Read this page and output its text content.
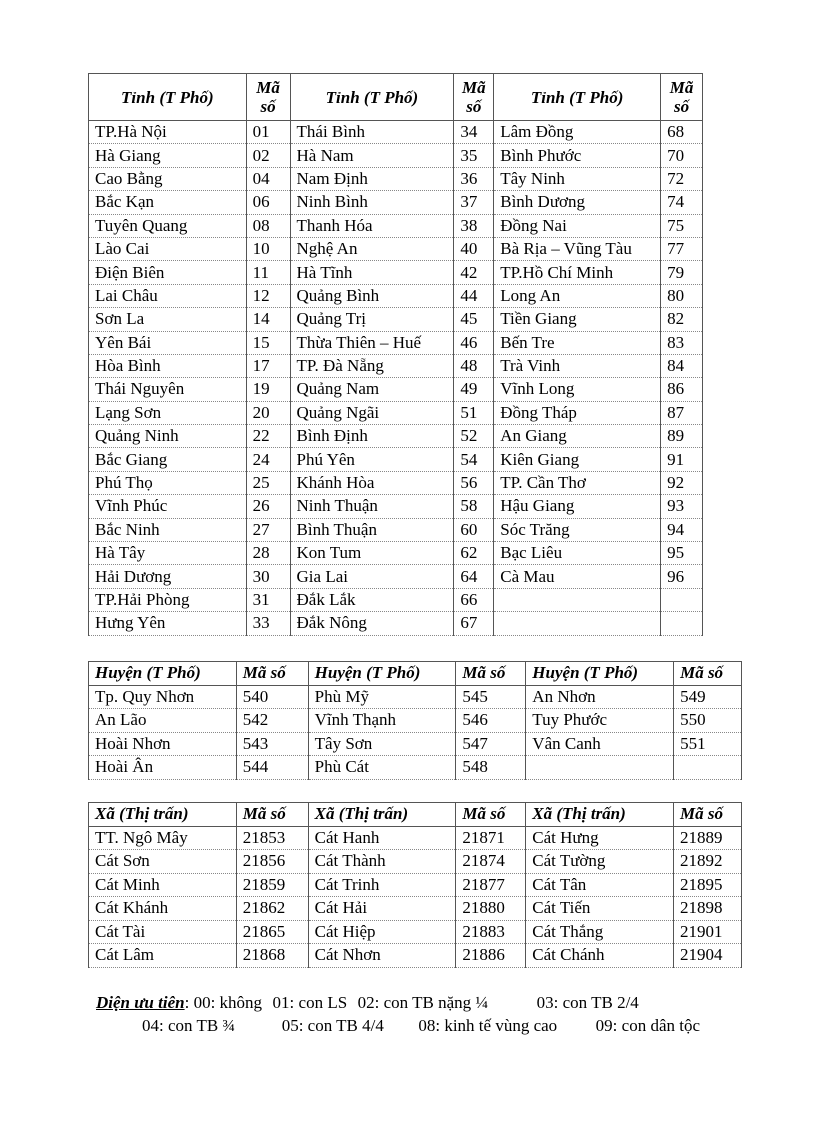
Tỉnh (T Phố)	Mã số	Tỉnh (T Phố)	Mã số	Tỉnh (T Phố)	Mã số
TP.Hà Nội	01	Thái Bình	34	Lâm Đồng	68
Hà Giang	02	Hà Nam	35	Bình Phước	70
Cao Bằng	04	Nam Định	36	Tây Ninh	72
Bắc Kạn	06	Ninh Bình	37	Bình Dương	74
Tuyên Quang	08	Thanh Hóa	38	Đồng Nai	75
Lào Cai	10	Nghệ An	40	Bà Rịa – Vũng Tàu	77
Điện Biên	11	Hà Tĩnh	42	TP.Hồ Chí Minh	79
Lai Châu	12	Quảng Bình	44	Long An	80
Sơn La	14	Quảng Trị	45	Tiền Giang	82
Yên Bái	15	Thừa Thiên – Huế	46	Bến Tre	83
Hòa Bình	17	TP. Đà Nẵng	48	Trà Vinh	84
Thái Nguyên	19	Quảng Nam	49	Vĩnh Long	86
Lạng Sơn	20	Quảng Ngãi	51	Đồng Tháp	87
Quảng Ninh	22	Bình Định	52	An Giang	89
Bắc Giang	24	Phú Yên	54	Kiên Giang	91
Phú Thọ	25	Khánh Hòa	56	TP. Cần Thơ	92
Vĩnh Phúc	26	Ninh Thuận	58	Hậu Giang	93
Bắc Ninh	27	Bình Thuận	60	Sóc Trăng	94
Hà Tây	28	Kon Tum	62	Bạc Liêu	95
Hải Dương	30	Gia Lai	64	Cà Mau	96
TP.Hải Phòng	31	Đắk Lắk	66		
Hưng Yên	33	Đắk Nông	67		
Huyện (T Phố)	Mã số	Huyện (T Phố)	Mã số	Huyện (T Phố)	Mã số
Tp. Quy Nhơn	540	Phù Mỹ	545	An Nhơn	549
An Lão	542	Vĩnh Thạnh	546	Tuy Phước	550
Hoài Nhơn	543	Tây Sơn	547	Vân Canh	551
Hoài Ân	544	Phù Cát	548		
Xã (Thị trấn)	Mã số	Xã (Thị trấn)	Mã số	Xã (Thị trấn)	Mã số
TT. Ngô Mây	21853	Cát Hanh	21871	Cát Hưng	21889
Cát Sơn	21856	Cát Thành	21874	Cát Tường	21892
Cát Minh	21859	Cát Trinh	21877	Cát Tân	21895
Cát Khánh	21862	Cát Hải	21880	Cát Tiến	21898
Cát Tài	21865	Cát Hiệp	21883	Cát Thắng	21901
Cát Lâm	21868	Cát Nhơn	21886	Cát Chánh	21904
Diện ưu tiên: 00: không 01: con LS 02: con TB nặng ¼	03: con TB 2/4
04: con TB ¾	05: con TB 4/4 08: kinh tế vùng cao 09: con dân tộc
